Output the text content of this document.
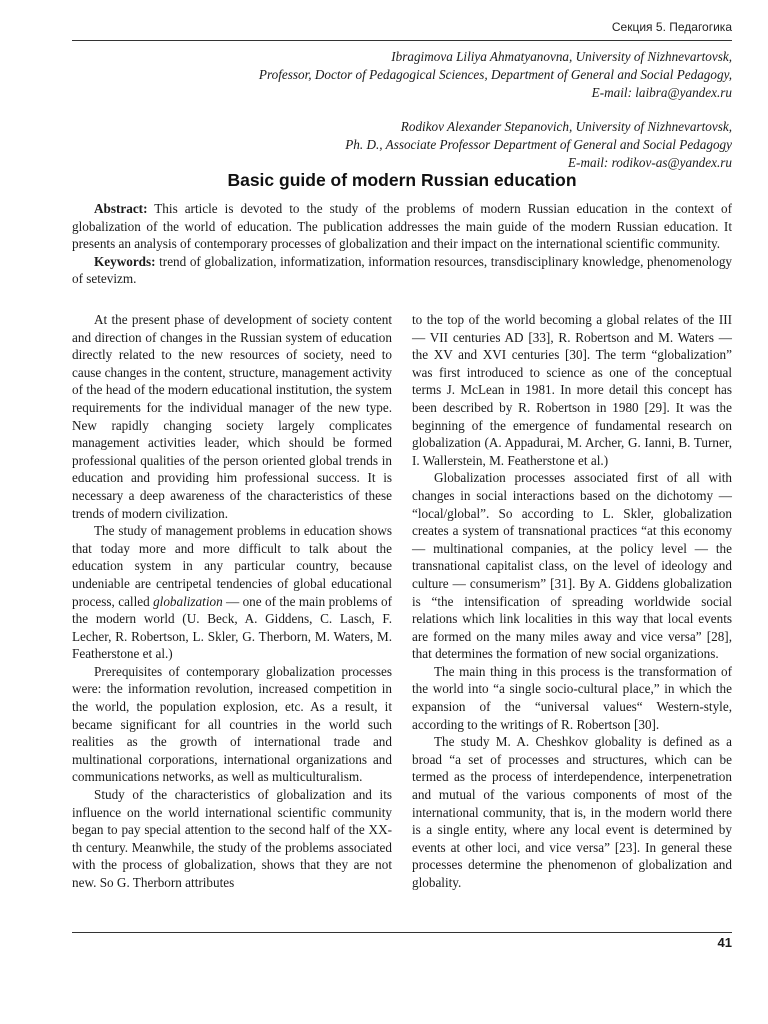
Секция 5. Педагогика
Ibragimova Liliya Ahmatyanovna, University of Nizhnevartovsk,
Professor, Doctor of Pedagogical Sciences, Department of General and Social Pedagogy,
E-mail: laibra@yandex.ru
Rodikov Alexander Stepanovich, University of Nizhnevartovsk,
Ph. D., Associate Professor Department of General and Social Pedagogy
E-mail: rodikov-as@yandex.ru
Basic guide of modern Russian education

Abstract: This article is devoted to the study of the problems of modern Russian education in the context of globalization of the world of education. The publication addresses the main guide of the modern Russian education. It presents an analysis of contemporary processes of globalization and their impact on the international scientific community.

Keywords: trend of globalization, informatization, information resources, transdisciplinary knowledge, phenomenology of setevizm.

At the present phase of development of society content and direction of changes in the Russian system of education directly related to the new resources of society, need to cause changes in the content, structure, management activity of the head of the modern educational institution, the system requirements for the individual manager of the new type. New rapidly changing society largely complicates management activities leader, which should be formed professional qualities of the person oriented global trends in education and providing him professional success. It is necessary a deep awareness of the characteristics of these trends of modern civilization.

The study of management problems in education shows that today more and more difficult to talk about the education system in any particular country, because undeniable are centripetal tendencies of global educational process, called globalization — one of the main problems of the modern world (U. Beck, A. Giddens, C. Lasch, F. Lecher, R. Robertson, L. Skler, G. Therborn, M. Waters, M. Featherstone et al.)

Prerequisites of contemporary globalization processes were: the information revolution, increased competition in the world, the population explosion, etc. As a result, it became significant for all countries in the world such realities as the growth of international trade and multinational corporations, international organizations and communications networks, as well as multiculturalism.

Study of the characteristics of globalization and its influence on the world international scientific community began to pay special attention to the second half of the XX-th century. Meanwhile, the study of the problems associated with the process of globalization, shows that they are not new. So G. Therborn attributes

to the top of the world becoming a global relates of the III — VII centuries AD [33], R. Robertson and M. Waters — the XV and XVI centuries [30]. The term “globalization” was first introduced to science as one of the conceptual terms J. McLean in 1981. In more detail this concept has been described by R. Robertson in 1980 [29]. It was the beginning of the emergence of fundamental research on globalization (A. Appadurai, M. Archer, G. Ianni, B. Turner, I. Wallerstein, M. Featherstone et al.)

Globalization processes associated first of all with changes in social interactions based on the dichotomy — “local/global”. So according to L. Skler, globalization creates a system of transnational practices “at this economy — multinational companies, at the policy level — the transnational capitalist class, on the level of ideology and culture — consumerism” [31]. By A. Giddens globalization is “the intensification of spreading worldwide social relations which link localities in this way that local events are formed on the many miles away and vice versa” [28], that determines the formation of new social organizations.

The main thing in this process is the transformation of the world into “a single socio-cultural place,” in which the expansion of the “universal values“ Western-style, according to the writings of R. Robertson [30].

The study M. A. Cheshkov globality is defined as a broad “a set of processes and structures, which can be termed as the process of interdependence, interpenetration and mutual of the various components of most of the international community, that is, in the modern world there is a single entity, where any local event is determined by events at other loci, and vice versa” [23]. In general these processes determine the phenomenon of globalization and globality.

41
